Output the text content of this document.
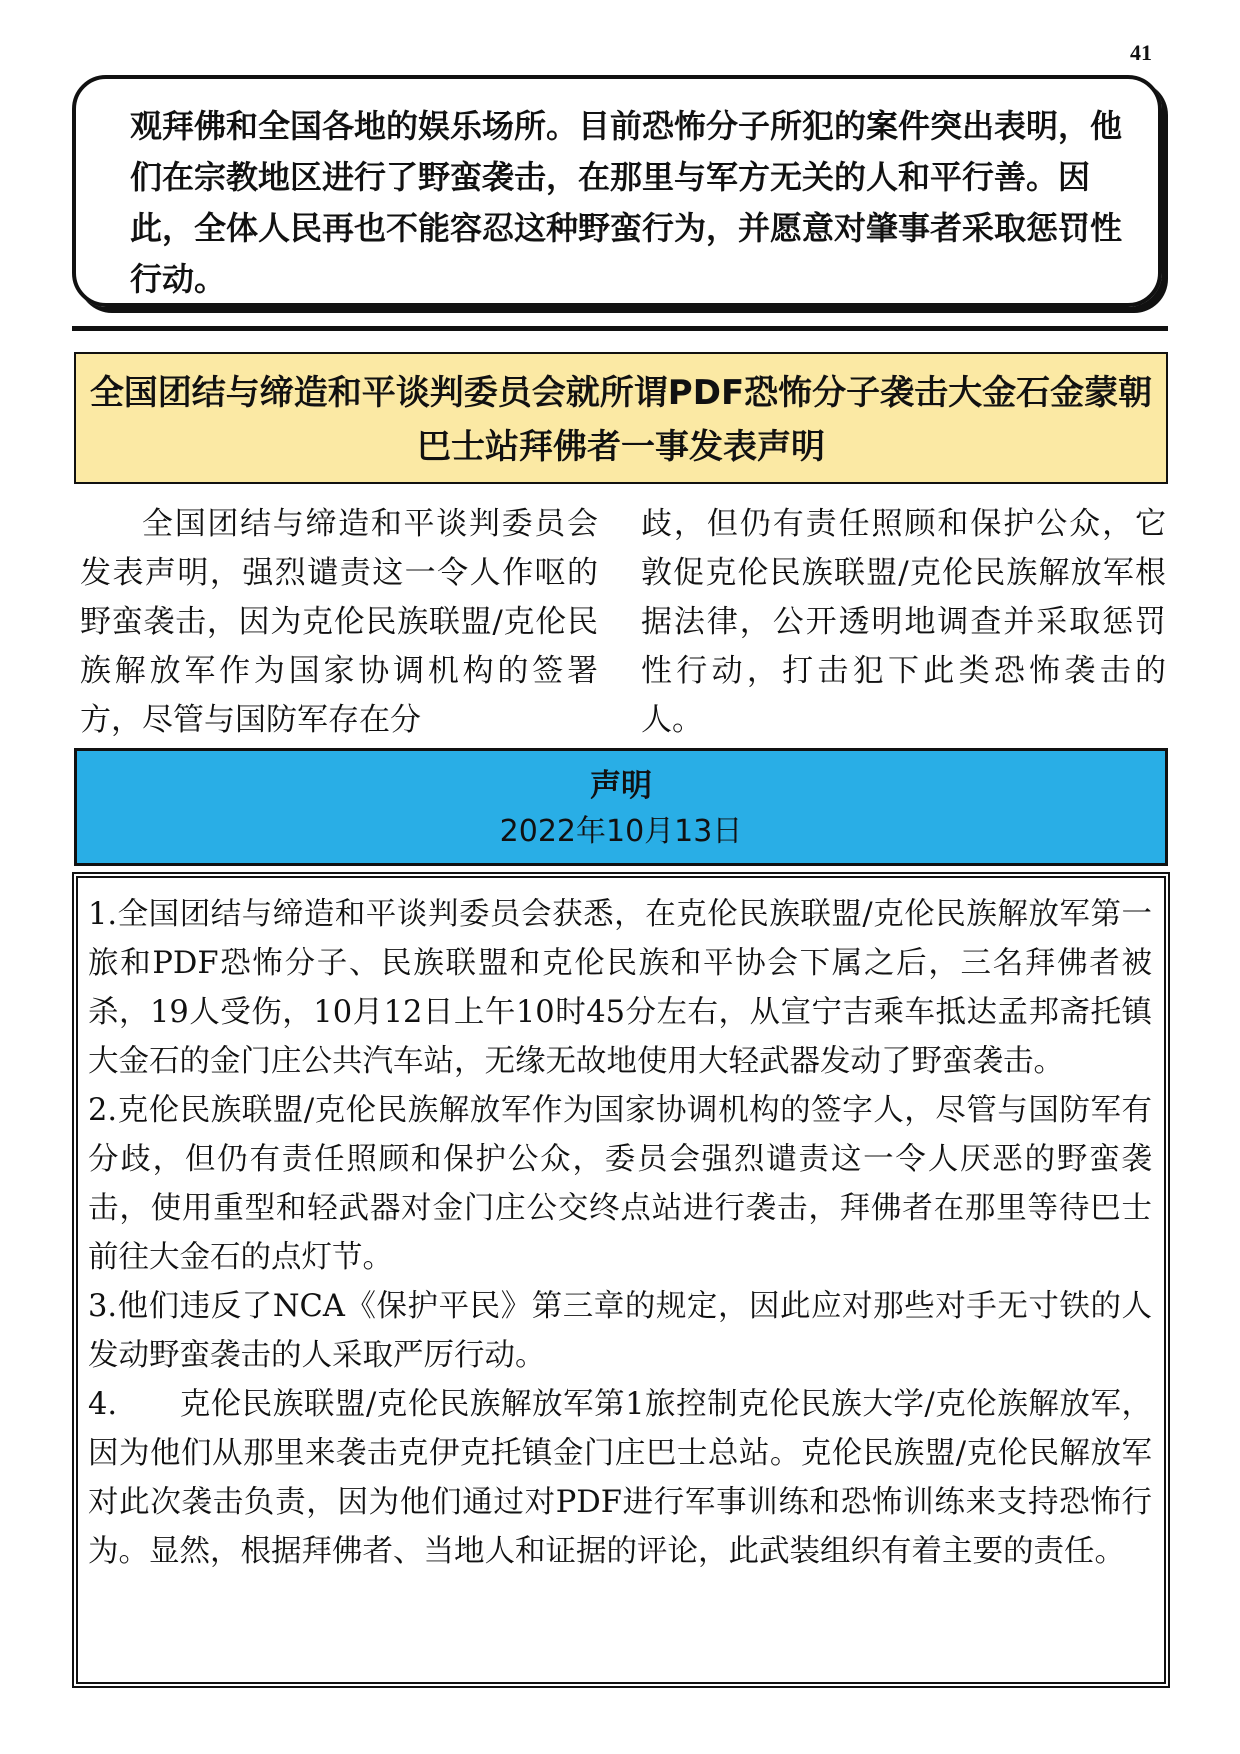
41

观拜佛和全国各地的娱乐场所。目前恐怖分子所犯的案件突出表明，他们在宗教地区进行了野蛮袭击，在那里与军方无关的人和平行善。因此，全体人民再也不能容忍这种野蛮行为，并愿意对肇事者采取惩罚性行动。

全国团结与缔造和平谈判委员会就所谓PDF恐怖分子袭击大金石金蒙朝巴士站拜佛者一事发表声明

全国团结与缔造和平谈判委员会发表声明，强烈谴责这一令人作呕的野蛮袭击，因为克伦民族联盟/克伦民族解放军作为国家协调机构的签署方，尽管与国防军存在分

歧，但仍有责任照顾和保护公众，它敦促克伦民族联盟/克伦民族解放军根据法律，公开透明地调查并采取惩罚性行动，打击犯下此类恐怖袭击的人。

声明
2022年10月13日

1.全国团结与缔造和平谈判委员会获悉，在克伦民族联盟/克伦民族解放军第一旅和PDF恐怖分子、民族联盟和克伦民族和平协会下属之后，三名拜佛者被杀，19人受伤，10月12日上午10时45分左右，从宣宁吉乘车抵达孟邦斋托镇大金石的金门庄公共汽车站，无缘无故地使用大轻武器发动了野蛮袭击。

2.克伦民族联盟/克伦民族解放军作为国家协调机构的签字人，尽管与国防军有分歧，但仍有责任照顾和保护公众，委员会强烈谴责这一令人厌恶的野蛮袭击，使用重型和轻武器对金门庄公交终点站进行袭击，拜佛者在那里等待巴士前往大金石的点灯节。

3.他们违反了NCA《保护平民》第三章的规定，因此应对那些对手无寸铁的人发动野蛮袭击的人采取严厉行动。

4.　　克伦民族联盟/克伦民族解放军第1旅控制克伦民族大学/克伦族解放军，因为他们从那里来袭击克伊克托镇金门庄巴士总站。克伦民族盟/克伦民解放军对此次袭击负责，因为他们通过对PDF进行军事训练和恐怖训练来支持恐怖行为。显然，根据拜佛者、当地人和证据的评论，此武装组织有着主要的责任。
